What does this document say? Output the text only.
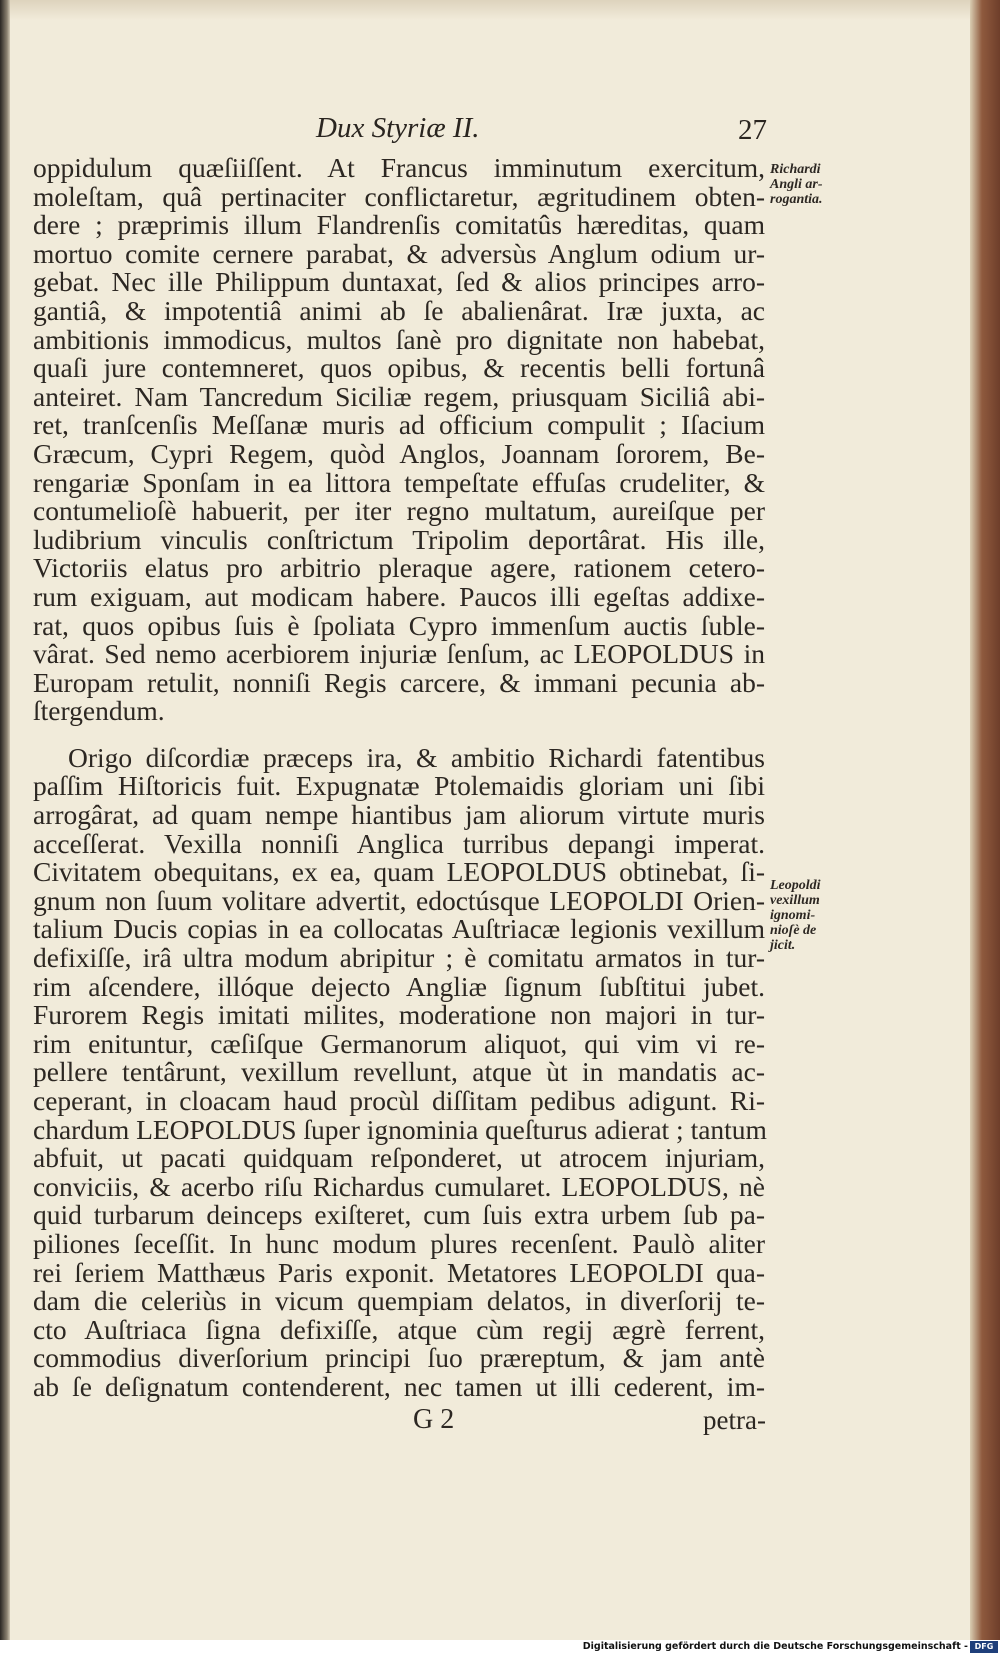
Dux Styriæ II.	27
oppidulum quæſiiſſent. At Francus imminutum exercitum,
moleſtam, quâ pertinaciter conflictaretur, ægritudinem obten-
dere ; præprimis illum Flandrenſis comitatûs hæreditas, quam
mortuo comite cernere parabat, & adversùs Anglum odium ur-
gebat. Nec ille Philippum duntaxat, ſed & alios principes arro-
gantiâ, & impotentiâ animi ab ſe abalienârat. Iræ juxta, ac
ambitionis immodicus, multos ſanè pro dignitate non habebat,
quaſi jure contemneret, quos opibus, & recentis belli fortunâ
anteiret. Nam Tancredum Siciliæ regem, priusquam Siciliâ abi-
ret, tranſcenſis Meſſanæ muris ad officium compulit ; Iſacium
Græcum, Cypri Regem, quòd Anglos, Joannam ſororem, Be-
rengariæ Sponſam in ea littora tempeſtate effuſas crudeliter, &
contumelioſè habuerit, per iter regno multatum, aureiſque per
ludibrium vinculis conſtrictum Tripolim deportârat. His ille,
Victoriis elatus pro arbitrio pleraque agere, rationem cetero-
rum exiguam, aut modicam habere. Paucos illi egeſtas addixe-
rat, quos opibus ſuis è ſpoliata Cypro immenſum auctis ſuble-
vârat. Sed nemo acerbiorem injuriæ ſenſum, ac LEOPOLDUS in
Europam retulit, nonniſi Regis carcere, & immani pecunia ab-
ſtergendum.
Origo diſcordiæ præceps ira, & ambitio Richardi fatentibus
paſſim Hiſtoricis fuit. Expugnatæ Ptolemaidis gloriam uni ſibi
arrogârat, ad quam nempe hiantibus jam aliorum virtute muris
acceſſerat. Vexilla nonniſi Anglica turribus depangi imperat.
Civitatem obequitans, ex ea, quam LEOPOLDUS obtinebat, ſi-
gnum non ſuum volitare advertit, edoctúsque LEOPOLDI Orien-
talium Ducis copias in ea collocatas Auſtriacæ legionis vexillum
defixiſſe, irâ ultra modum abripitur ; è comitatu armatos in tur-
rim aſcendere, illóque dejecto Angliæ ſignum ſubſtitui jubet.
Furorem Regis imitati milites, moderatione non majori in tur-
rim enituntur, cæſiſque Germanorum aliquot, qui vim vi re-
pellere tentârunt, vexillum revellunt, atque ùt in mandatis ac-
ceperant, in cloacam haud procùl diſſitam pedibus adigunt. Ri-
chardum LEOPOLDUS ſuper ignominia queſturus adierat ; tantum
abfuit, ut pacati quidquam reſponderet, ut atrocem injuriam,
conviciis, & acerbo riſu Richardus cumularet. LEOPOLDUS, nè
quid turbarum deinceps exiſteret, cum ſuis extra urbem ſub pa-
piliones ſeceſſit. In hunc modum plures recenſent. Paulò aliter
rei ſeriem Matthæus Paris exponit. Metatores LEOPOLDI qua-
dam die celeriùs in vicum quempiam delatos, in diverſorij te-
cto Auſtriaca ſigna defixiſſe, atque cùm regij ægrè ferrent,
commodius diverſorium principi ſuo præreptum, & jam antè
ab ſe deſignatum contenderent, nec tamen ut illi cederent, im-
Richardi
Angli ar-
rogantia.
Leopoldi
vexillum
ignomi-
nioſè de
jicit.
G 2	petra-
Digitalisierung gefördert durch die Deutsche Forschungsgemeinschaft - DFG
